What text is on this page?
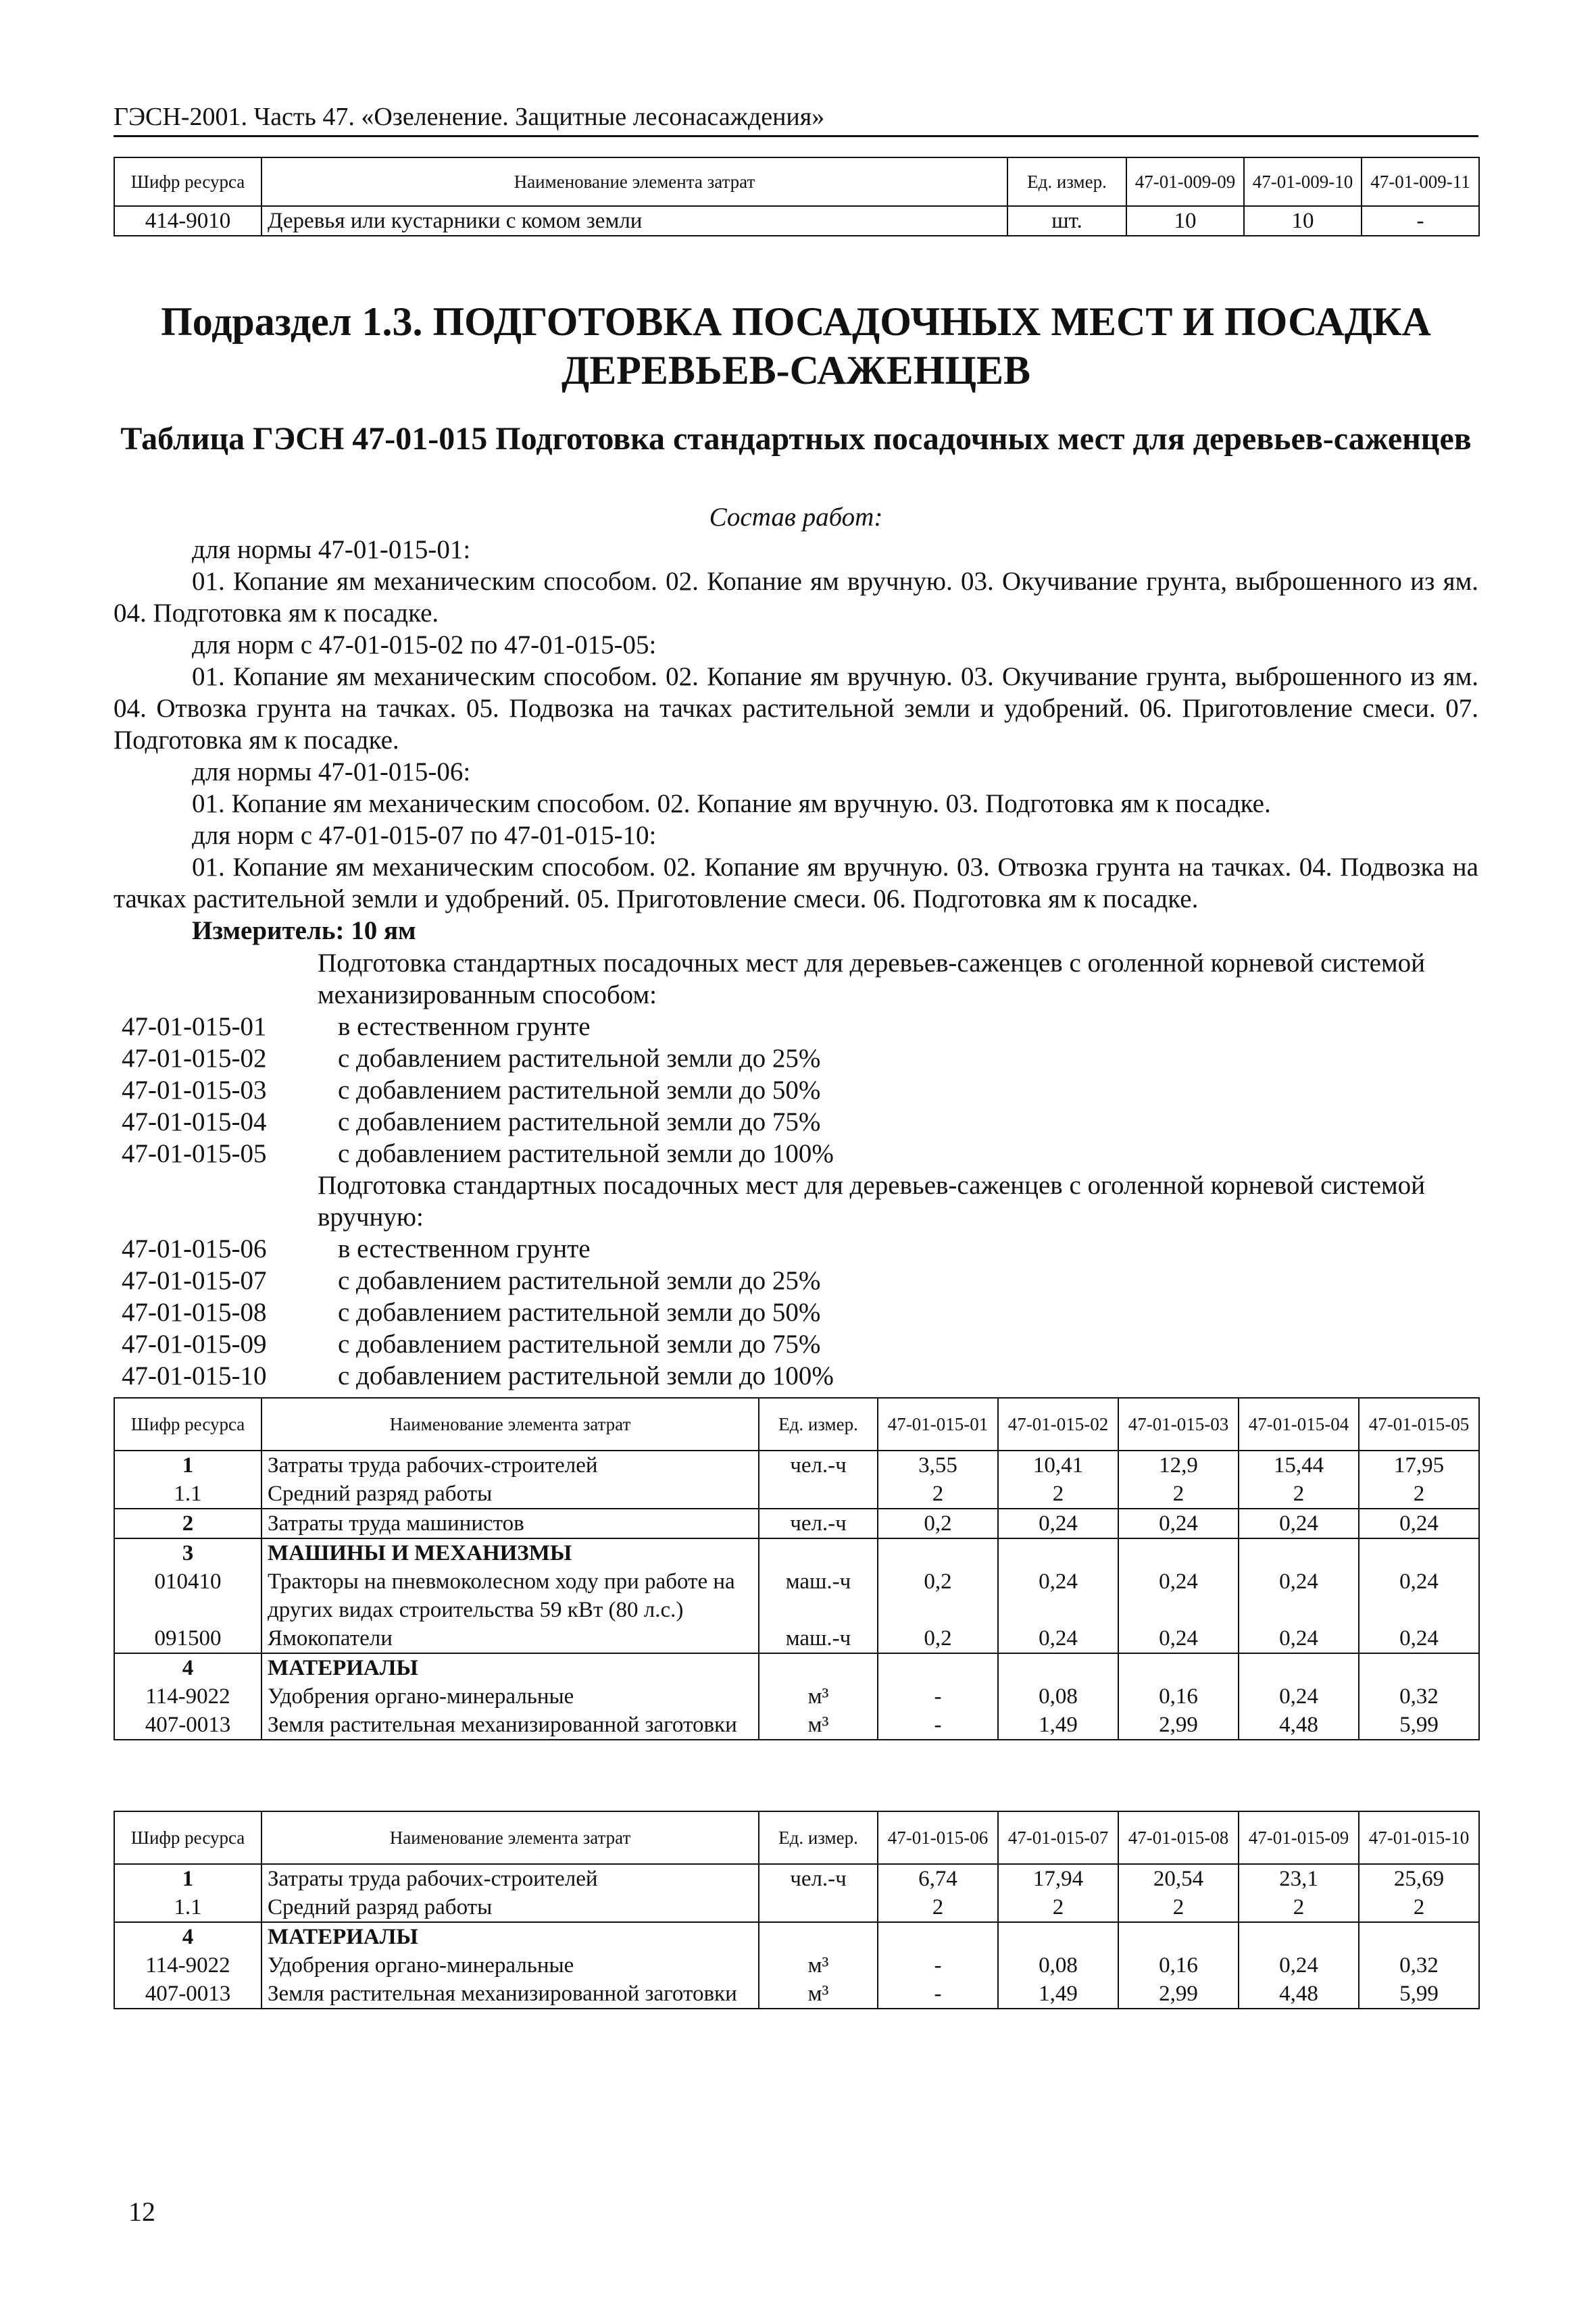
ГЭСН-2001. Часть 47. «Озеленение. Защитные лесонасаждения»
Шифр ресурса	Наименование элемента затрат	Ед. измер.	47-01-009-09	47-01-009-10	47-01-009-11
414-9010	Деревья или кустарники с комом земли	шт.	10	10	-
Подраздел 1.3. ПОДГОТОВКА ПОСАДОЧНЫХ МЕСТ И ПОСАДКА ДЕРЕВЬЕВ-САЖЕНЦЕВ
Таблица ГЭСН 47-01-015 Подготовка стандартных посадочных мест для деревьев-саженцев
Состав работ:
для нормы 47-01-015-01:
01. Копание ям механическим способом. 02. Копание ям вручную. 03. Окучивание грунта, выброшенного из ям. 04. Подготовка ям к посадке.
для норм с 47-01-015-02 по 47-01-015-05:
01. Копание ям механическим способом. 02. Копание ям вручную. 03. Окучивание грунта, выброшенного из ям. 04. Отвозка грунта на тачках. 05. Подвозка на тачках растительной земли и удобрений. 06. Приготовление смеси. 07. Подготовка ям к посадке.
для нормы 47-01-015-06:
01. Копание ям механическим способом. 02. Копание ям вручную. 03. Подготовка ям к посадке.
для норм с 47-01-015-07 по 47-01-015-10:
01. Копание ям механическим способом. 02. Копание ям вручную. 03. Отвозка грунта на тачках. 04. Подвозка на тачках растительной земли и удобрений. 05. Приготовление смеси. 06. Подготовка ям к посадке.
Измеритель: 10 ям
Подготовка стандартных посадочных мест для деревьев-саженцев с оголенной корневой системой механизированным способом:
47-01-015-01	в естественном грунте
47-01-015-02	с добавлением растительной земли до 25%
47-01-015-03	с добавлением растительной земли до 50%
47-01-015-04	с добавлением растительной земли до 75%
47-01-015-05	с добавлением растительной земли до 100%
Подготовка стандартных посадочных мест для деревьев-саженцев с оголенной корневой системой вручную:
47-01-015-06	в естественном грунте
47-01-015-07	с добавлением растительной земли до 25%
47-01-015-08	с добавлением растительной земли до 50%
47-01-015-09	с добавлением растительной земли до 75%
47-01-015-10	с добавлением растительной земли до 100%
Шифр ресурса	Наименование элемента затрат	Ед. измер.	47-01-015-01	47-01-015-02	47-01-015-03	47-01-015-04	47-01-015-05
1	Затраты труда рабочих-строителей	чел.-ч	3,55	10,41	12,9	15,44	17,95
1.1	Средний разряд работы		2	2	2	2	2
2	Затраты труда машинистов	чел.-ч	0,2	0,24	0,24	0,24	0,24
3	МАШИНЫ И МЕХАНИЗМЫ						
010410	Тракторы на пневмоколесном ходу при работе на других видах строительства 59 кВт (80 л.с.)	маш.-ч	0,2	0,24	0,24	0,24	0,24
091500	Ямокопатели	маш.-ч	0,2	0,24	0,24	0,24	0,24
4	МАТЕРИАЛЫ						
114-9022	Удобрения органо-минеральные	м³	-	0,08	0,16	0,24	0,32
407-0013	Земля растительная механизированной заготовки	м³	-	1,49	2,99	4,48	5,99
Шифр ресурса	Наименование элемента затрат	Ед. измер.	47-01-015-06	47-01-015-07	47-01-015-08	47-01-015-09	47-01-015-10
1	Затраты труда рабочих-строителей	чел.-ч	6,74	17,94	20,54	23,1	25,69
1.1	Средний разряд работы		2	2	2	2	2
4	МАТЕРИАЛЫ						
114-9022	Удобрения органо-минеральные	м³	-	0,08	0,16	0,24	0,32
407-0013	Земля растительная механизированной заготовки	м³	-	1,49	2,99	4,48	5,99
12
